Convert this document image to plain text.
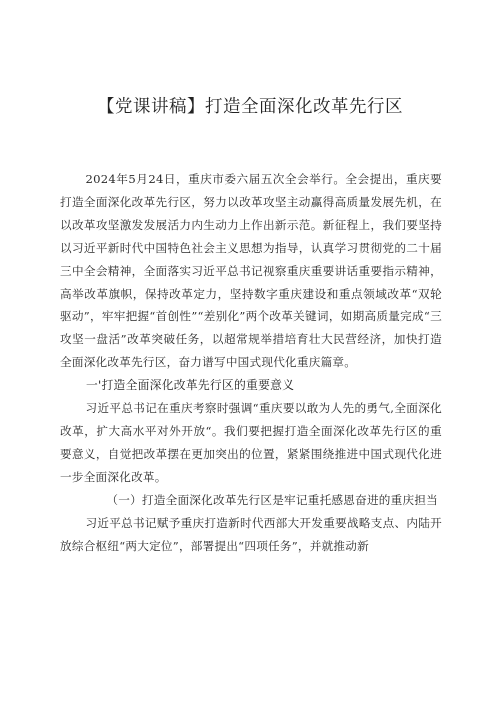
【党课讲稿】打造全面深化改革先行区

2024年5月24日，重庆市委六届五次全会举行。全会提出，重庆要打造全面深化改革先行区，努力以改革攻坚主动赢得高质量发展先机，在以改革攻坚激发发展活力内生动力上作出新示范。新征程上，我们要坚持以习近平新时代中国特色社会主义思想为指导，认真学习贯彻党的二十届三中全会精神，全面落实习近平总书记视察重庆重要讲话重要指示精神，高举改革旗帜，保持改革定力，坚持数字重庆建设和重点领域改革“双轮驱动”，牢牢把握“首创性”“差别化”两个改革关键词，如期高质量完成“三攻坚一盘活”改革突破任务，以超常规举措培育壮大民营经济，加快打造全面深化改革先行区，奋力谱写中国式现代化重庆篇章。

一'打造全面深化改革先行区的重要意义

习近平总书记在重庆考察时强调“重庆要以敢为人先的勇气,全面深化改革，扩大高水平对外开放“。我们要把握打造全面深化改革先行区的重要意义，自觉把改革摆在更加突出的位置，紧紧围绕推进中国式现代化进一步全面深化改革。

（一）打造全面深化改革先行区是牢记重托感恩奋进的重庆担当

习近平总书记赋予重庆打造新时代西部大开发重要战略支点、内陆开放综合枢纽“两大定位”，部署提出“四项任务”，并就推动新
